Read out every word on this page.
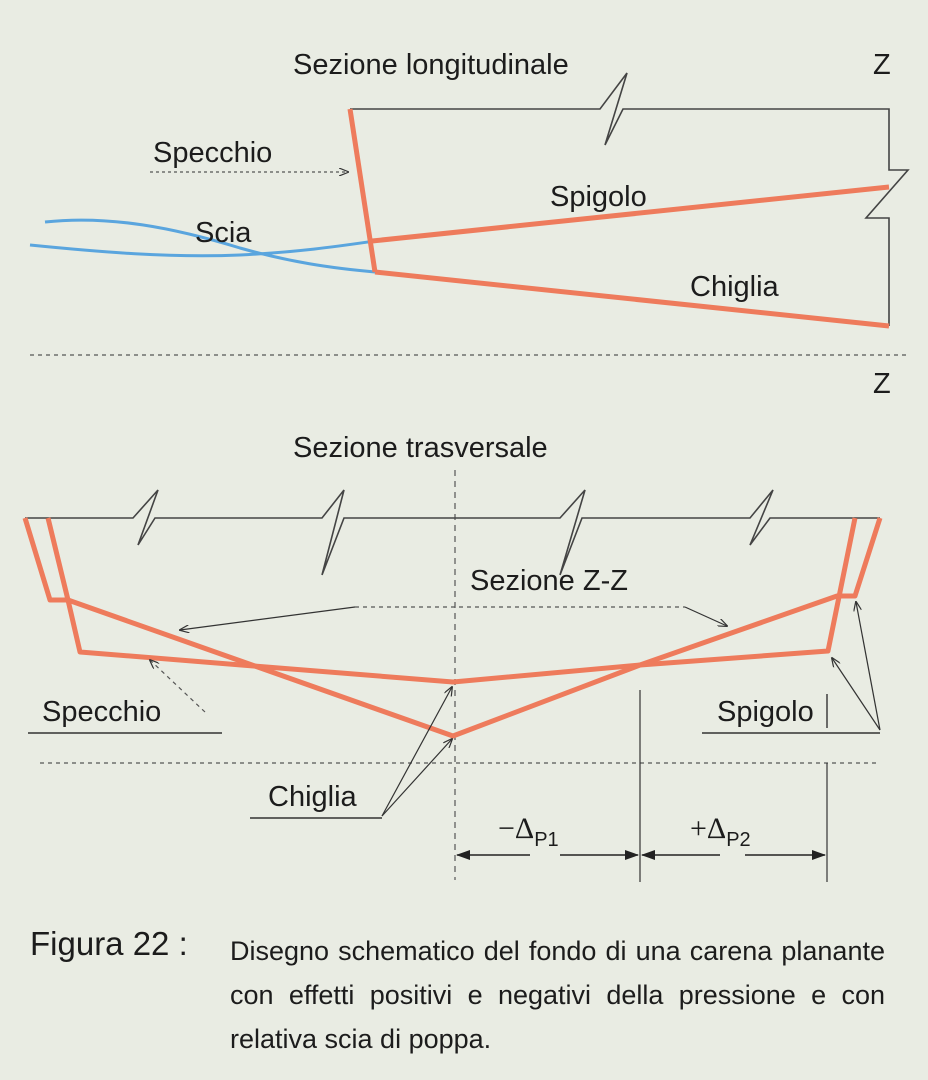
Sezione longitudinale	Z
Specchio
Spigolo
Scia
Chiglia
Z
Sezione trasversale
Sezione Z-Z
Specchio	Spigolo
Chiglia
$-\Delta_{P1}$	$+\Delta_{P2}$
Figura 22 : Disegno schematico del fondo di una carena planante con effetti positivi e negativi della pressione e con relativa scia di poppa.
